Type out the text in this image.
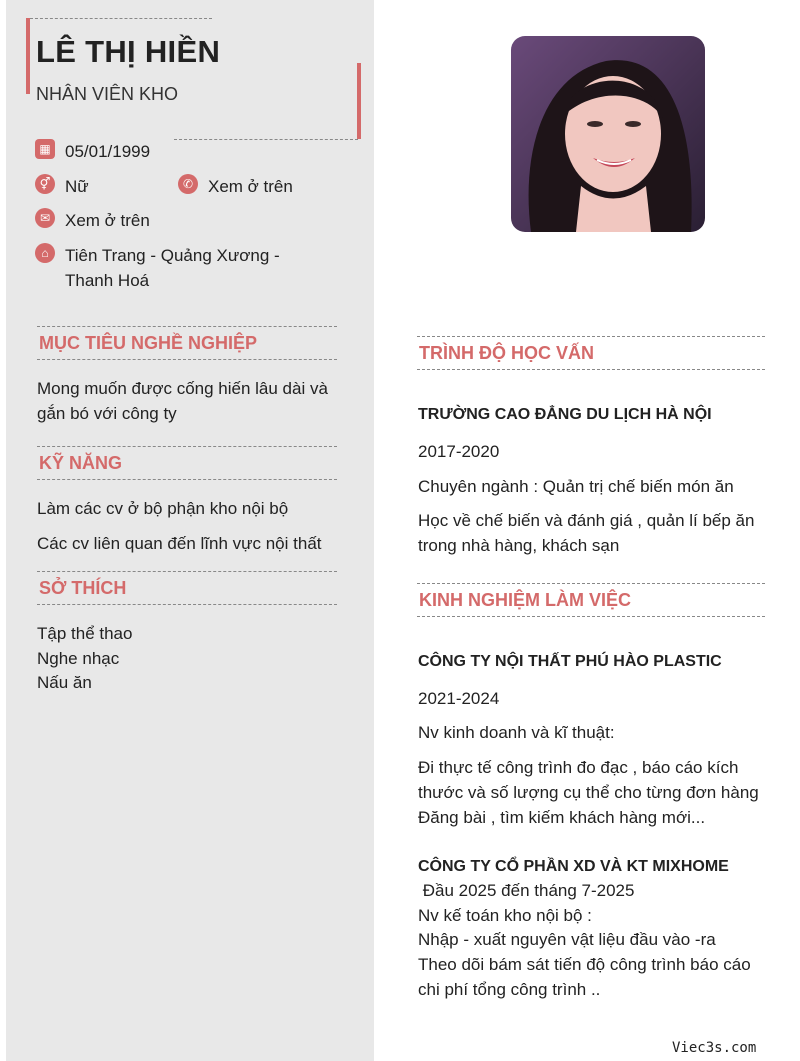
LÊ THỊ HIỀN
NHÂN VIÊN KHO
▦ 05/01/1999
⚥ Nữ	✆ Xem ở trên
✉ Xem ở trên
⌂ Tiên Trang - Quảng Xương -
Thanh Hoá
MỤC TIÊU NGHỀ NGHIỆP
Mong muốn được cống hiến lâu dài và
gắn bó với công ty
KỸ NĂNG
Làm các cv ở bộ phận kho nội bộ
Các cv liên quan đến lĩnh vực nội thất
SỞ THÍCH
Tập thể thao
Nghe nhạc
Nấu ăn
TRÌNH ĐỘ HỌC VẤN
TRƯỜNG CAO ĐẲNG DU LỊCH HÀ NỘI
2017-2020
Chuyên ngành : Quản trị chế biến món ăn
Học về chế biến và đánh giá , quản lí bếp ăn
trong nhà hàng, khách sạn
KINH NGHIỆM LÀM VIỆC
CÔNG TY NỘI THẤT PHÚ HÀO PLASTIC
2021-2024
Nv kinh doanh và kĩ thuật:
Đi thực tế công trình đo đạc , báo cáo kích
thước và số lượng cụ thể cho từng đơn hàng
Đăng bài , tìm kiếm khách hàng mới...
CÔNG TY CỔ PHẦN XD VÀ KT MIXHOME
Đầu 2025 đến tháng 7-2025
Nv kế toán kho nội bộ :
Nhập - xuất nguyên vật liệu đầu vào -ra
Theo dõi bám sát tiến độ công trình báo cáo
chi phí tổng công trình ..
Viec3s.com
